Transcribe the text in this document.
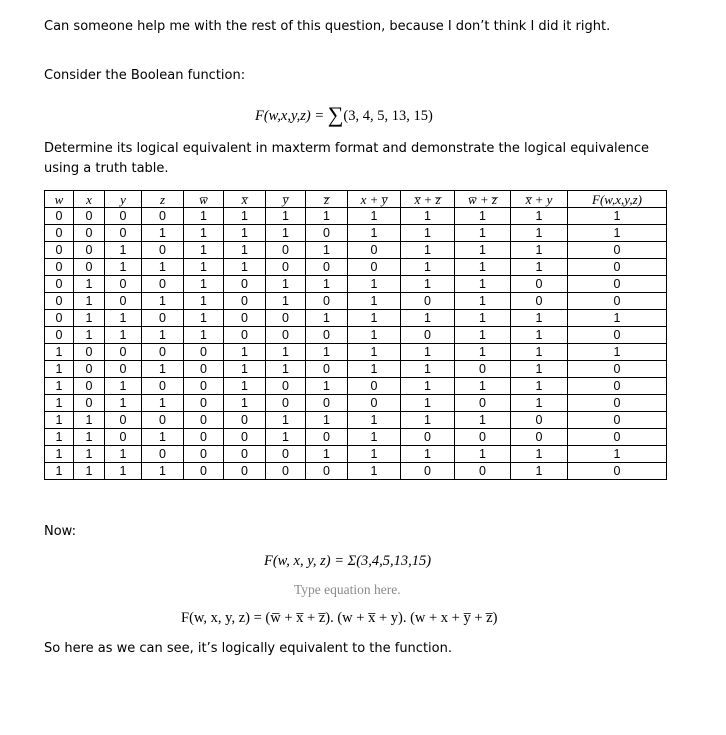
Can someone help me with the rest of this question, because I don’t think I did it right.
Consider the Boolean function:
F(w,x,y,z) = ∑(3, 4, 5, 13, 15)
Determine its logical equivalent in maxterm format and demonstrate the logical equivalence using a truth table.
w	x	y	z	w̅	x̅	y̅	z̅	x + y̅	x̅ + z̅	w̅ + z̅	x̅ + y	F(w,x,y,z)
0	0	0	0	1	1	1	1	1	1	1	1	1
0	0	0	1	1	1	1	0	1	1	1	1	1
0	0	1	0	1	1	0	1	0	1	1	1	0
0	0	1	1	1	1	0	0	0	1	1	1	0
0	1	0	0	1	0	1	1	1	1	1	0	0
0	1	0	1	1	0	1	0	1	0	1	0	0
0	1	1	0	1	0	0	1	1	1	1	1	1
0	1	1	1	1	0	0	0	1	0	1	1	0
1	0	0	0	0	1	1	1	1	1	1	1	1
1	0	0	1	0	1	1	0	1	1	0	1	0
1	0	1	0	0	1	0	1	0	1	1	1	0
1	0	1	1	0	1	0	0	0	1	0	1	0
1	1	0	0	0	0	1	1	1	1	1	0	0
1	1	0	1	0	0	1	0	1	0	0	0	0
1	1	1	0	0	0	0	1	1	1	1	1	1
1	1	1	1	0	0	0	0	1	0	0	1	0
Now:
F(w, x, y, z) = Σ(3,4,5,13,15)
Type equation here.
F(w, x, y, z) = (w̅ + x̅ + z̅). (w + x̅ + y). (w + x + y̅ + z̅)
So here as we can see, it’s logically equivalent to the function.
